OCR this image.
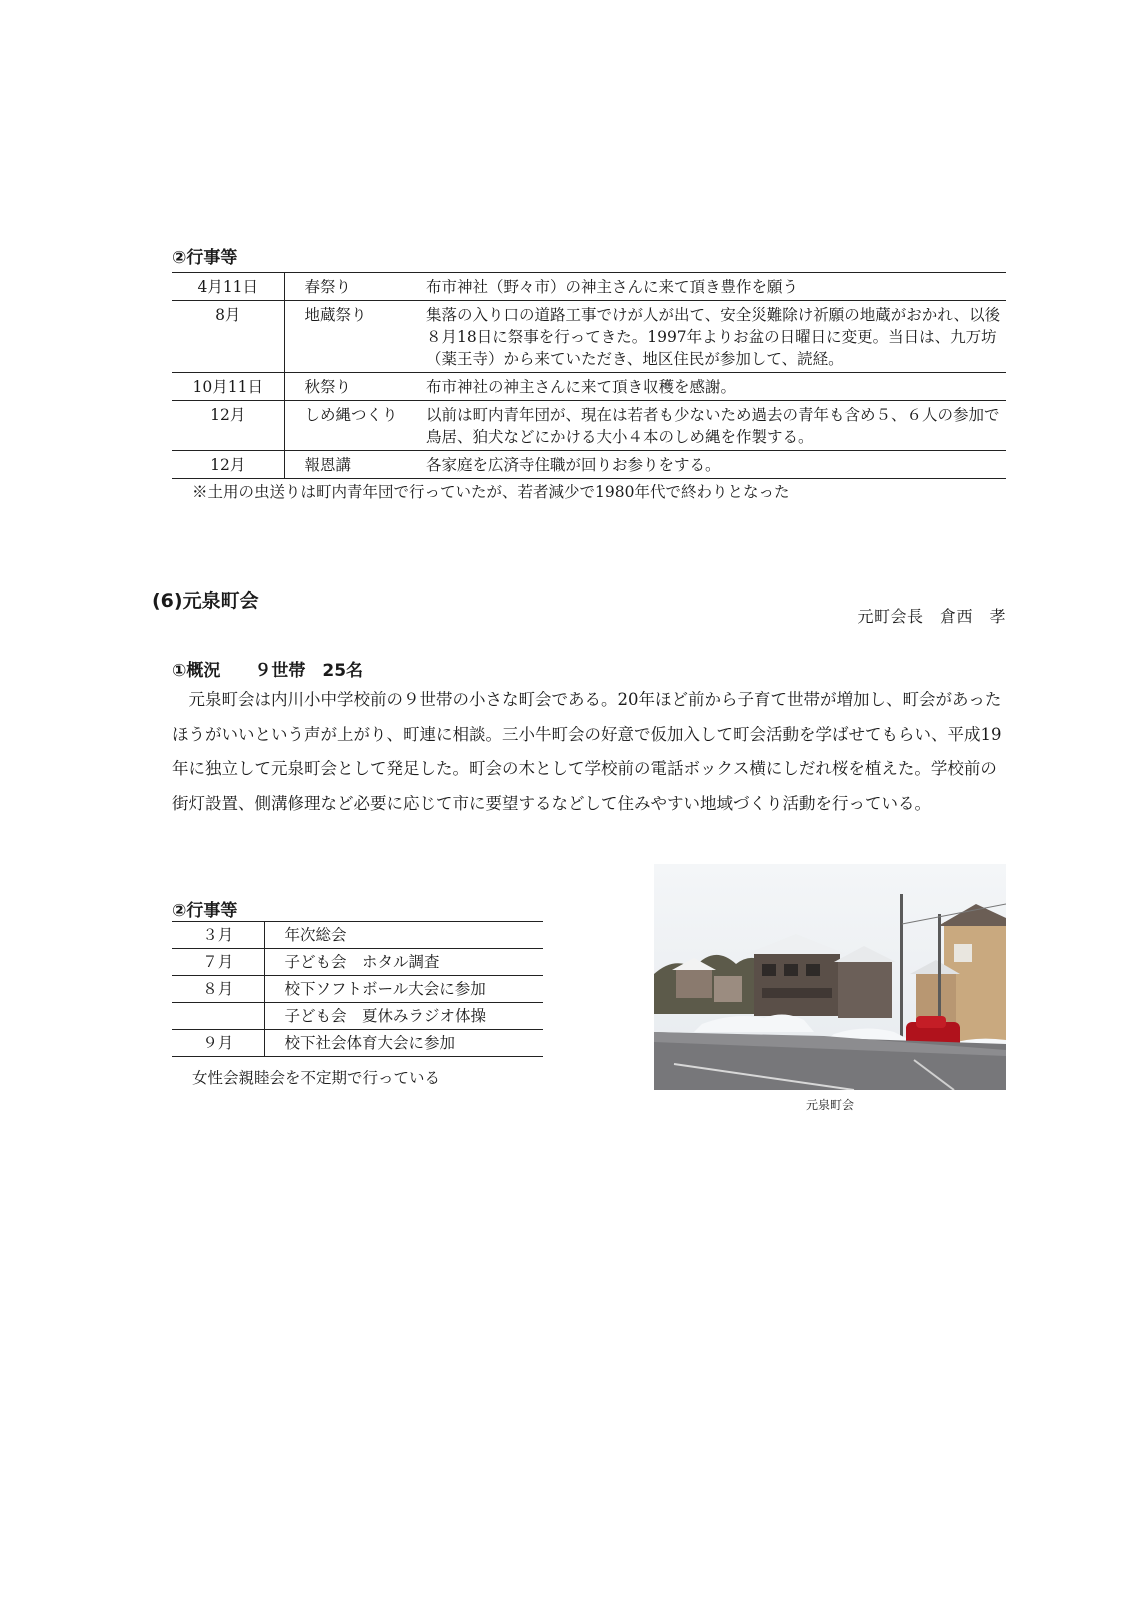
②行事等
4月11日	春祭り	布市神社（野々市）の神主さんに来て頂き豊作を願う
8月	地蔵祭り	集落の入り口の道路工事でけが人が出て、安全災難除け祈願の地蔵がおかれ、以後８月18日に祭事を行ってきた。1997年よりお盆の日曜日に変更。当日は、九万坊（薬王寺）から来ていただき、地区住民が参加して、読経。
10月11日	秋祭り	布市神社の神主さんに来て頂き収穫を感謝。
12月	しめ縄つくり	以前は町内青年団が、現在は若者も少ないため過去の青年も含め５、６人の参加で鳥居、狛犬などにかける大小４本のしめ縄を作製する。
12月	報恩講	各家庭を広済寺住職が回りお参りをする。
※土用の虫送りは町内青年団で行っていたが、若者減少で1980年代で終わりとなった
(6)元泉町会
元町会長　倉西　孝
①概況　　９世帯　25名
元泉町会は内川小中学校前の９世帯の小さな町会である。20年ほど前から子育て世帯が増加し、町会があったほうがいいという声が上がり、町連に相談。三小牛町会の好意で仮加入して町会活動を学ばせてもらい、平成19年に独立して元泉町会として発足した。町会の木として学校前の電話ボックス横にしだれ桜を植えた。学校前の街灯設置、側溝修理など必要に応じて市に要望するなどして住みやすい地域づくり活動を行っている。
②行事等
３月	年次総会
７月	子ども会　ホタル調査
８月	校下ソフトボール大会に参加
	子ども会　夏休みラジオ体操
９月	校下社会体育大会に参加
女性会親睦会を不定期で行っている
元泉町会
